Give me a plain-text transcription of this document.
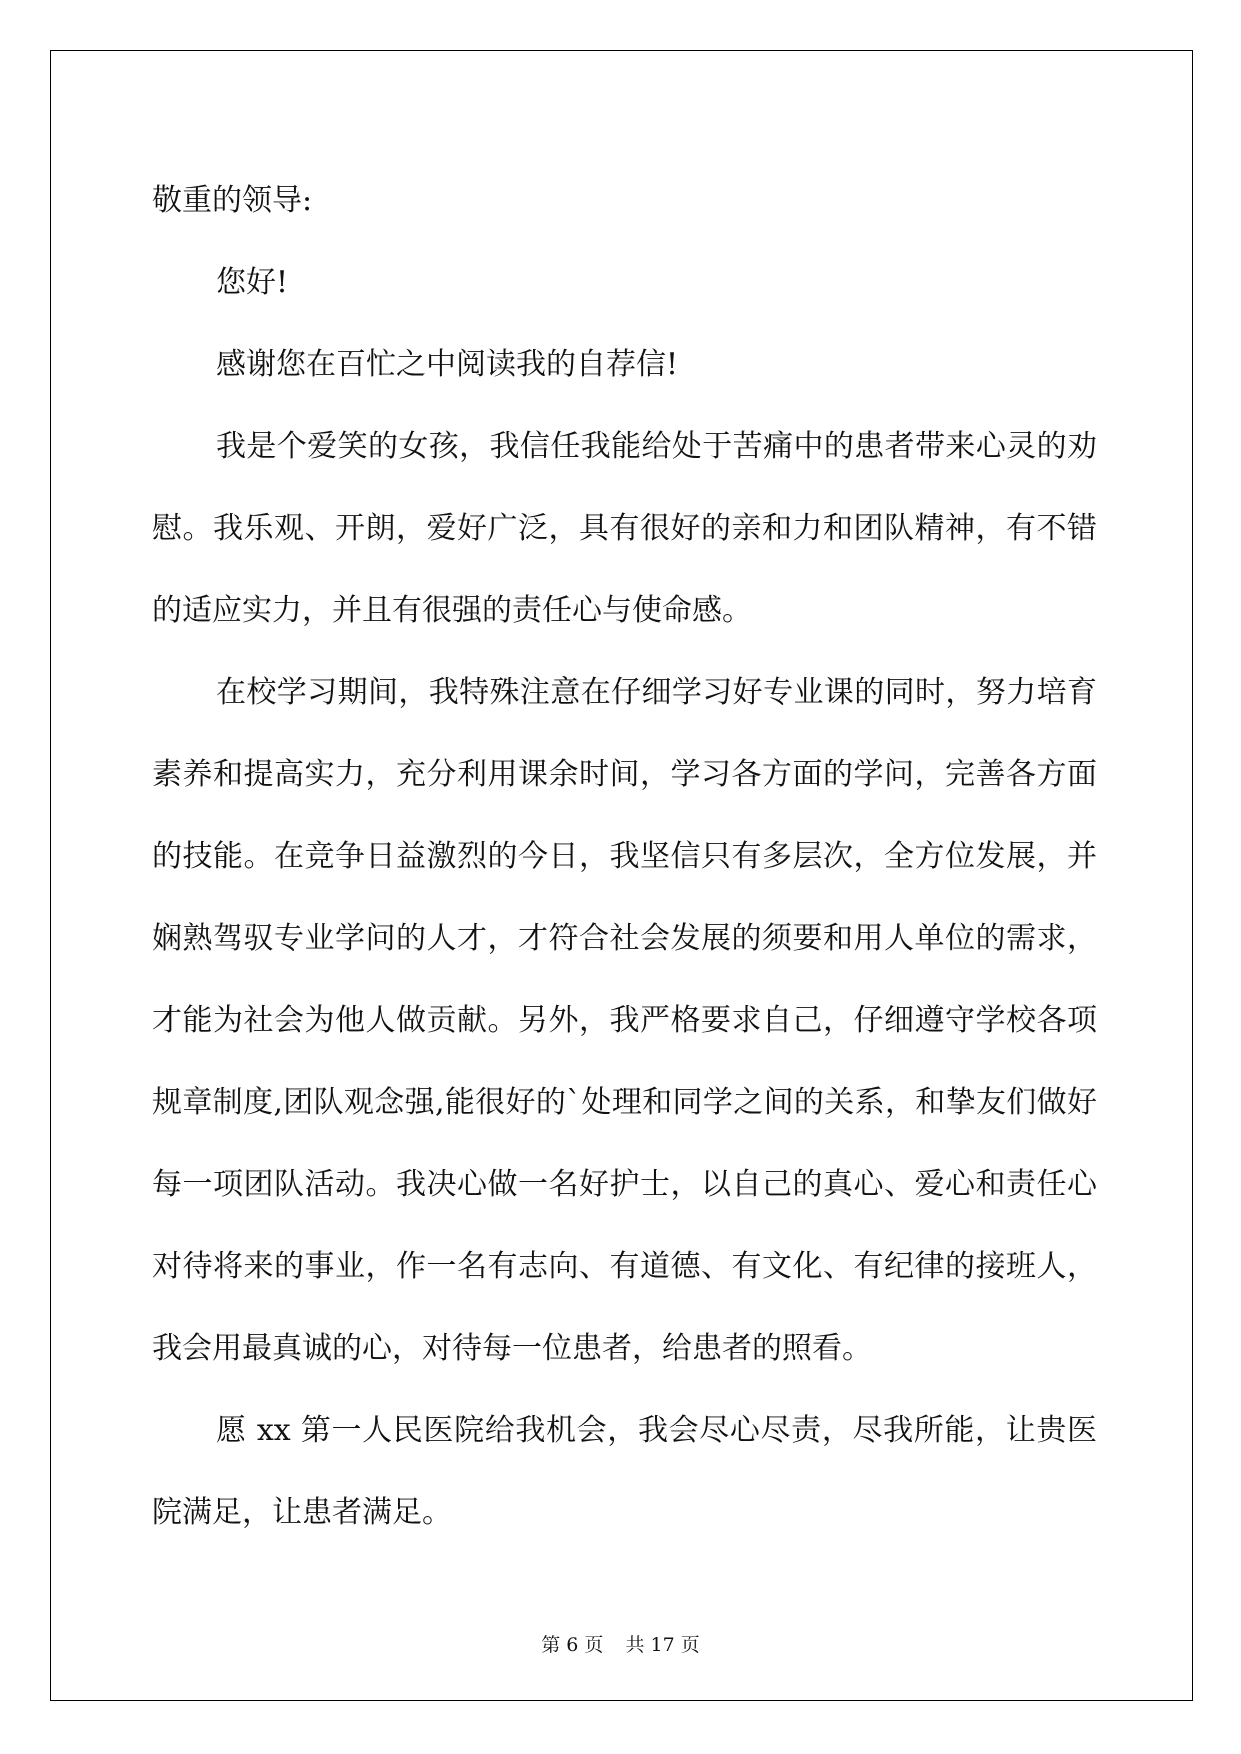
敬重的领导:

您好!

感谢您在百忙之中阅读我的自荐信!

我是个爱笑的女孩，我信任我能给处于苦痛中的患者带来心灵的劝慰。我乐观、开朗，爱好广泛，具有很好的亲和力和团队精神，有不错的适应实力，并且有很强的责任心与使命感。

在校学习期间，我特殊注意在仔细学习好专业课的同时，努力培育素养和提高实力，充分利用课余时间，学习各方面的学问，完善各方面的技能。在竞争日益激烈的今日，我坚信只有多层次，全方位发展，并娴熟驾驭专业学问的人才，才符合社会发展的须要和用人单位的需求，才能为社会为他人做贡献。另外，我严格要求自己，仔细遵守学校各项规章制度,团队观念强,能很好的`处理和同学之间的关系，和挚友们做好每一项团队活动。我决心做一名好护士，以自己的真心、爱心和责任心对待将来的事业，作一名有志向、有道德、有文化、有纪律的接班人，我会用最真诚的心，对待每一位患者，给患者的照看。

愿 xx 第一人民医院给我机会，我会尽心尽责，尽我所能，让贵医院满足，让患者满足。

第 6 页 共 17 页
